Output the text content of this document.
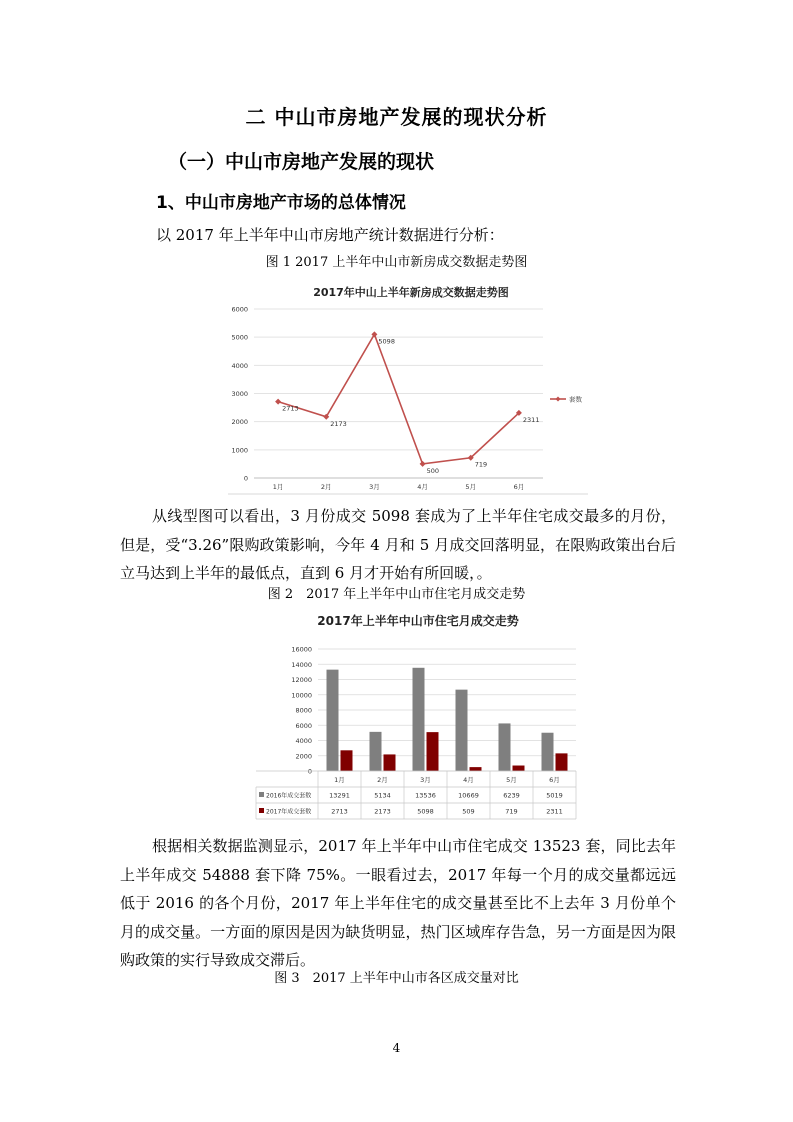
二 中山市房地产发展的现状分析
（一）中山市房地产发展的现状
1、中山市房地产市场的总体情况
以 2017 年上半年中山市房地产统计数据进行分析：
图 1 2017 上半年中山市新房成交数据走势图
2017年中山上半年新房成交数据走势图
0
1000
2000
3000
4000
5000
6000
1月	2月	3月	4月	5月	6月
2713
2173
5098
500
719
2311
套数
从线型图可以看出，3 月份成交 5098 套成为了上半年住宅成交最多的月份，但是，受“3.26”限购政策影响，今年 4 月和 5 月成交回落明显，在限购政策出台后立马达到上半年的最低点，直到 6 月才开始有所回暖，。
图 2　2017 年上半年中山市住宅月成交走势
2017年上半年中山市住宅月成交走势
0
2000
4000
6000
8000
10000
12000
14000
16000
1月	2月	3月	4月	5月	6月
2016年成交套数	13291	5134	13536	10669	6239	5019
2017年成交套数	2713	2173	5098	509	719	2311
根据相关数据监测显示，2017 年上半年中山市住宅成交 13523 套，同比去年上半年成交 54888 套下降 75%。一眼看过去，2017 年每一个月的成交量都远远低于 2016 的各个月份，2017 年上半年住宅的成交量甚至比不上去年 3 月份单个月的成交量。一方面的原因是因为缺货明显，热门区域库存告急，另一方面是因为限购政策的实行导致成交滞后。
图 3　2017 上半年中山市各区成交量对比
4
